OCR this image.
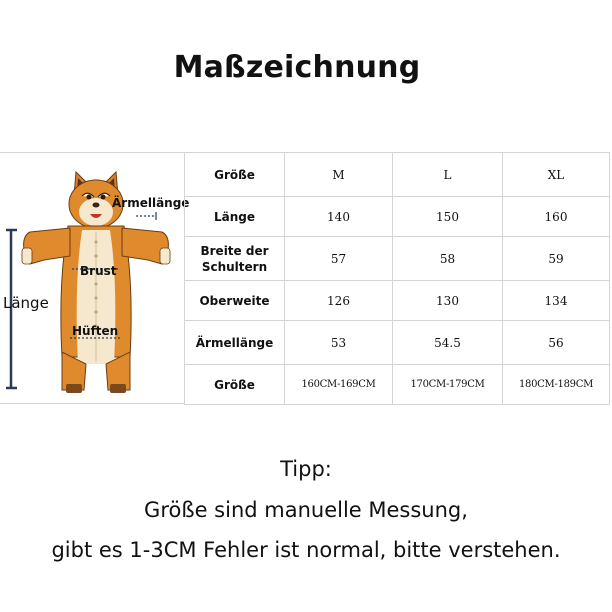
Maßzeichnung
Ärmellänge
Brust
Länge
Hüften
Größe	M	L	XL
Länge	140	150	160
Breite der Schultern	57	58	59
Oberweite	126	130	134
Ärmellänge	53	54.5	56
Größe	160CM-169CM	170CM-179CM	180CM-189CM
Tipp:
Größe sind manuelle Messung,
gibt es 1-3CM Fehler ist normal, bitte verstehen.
